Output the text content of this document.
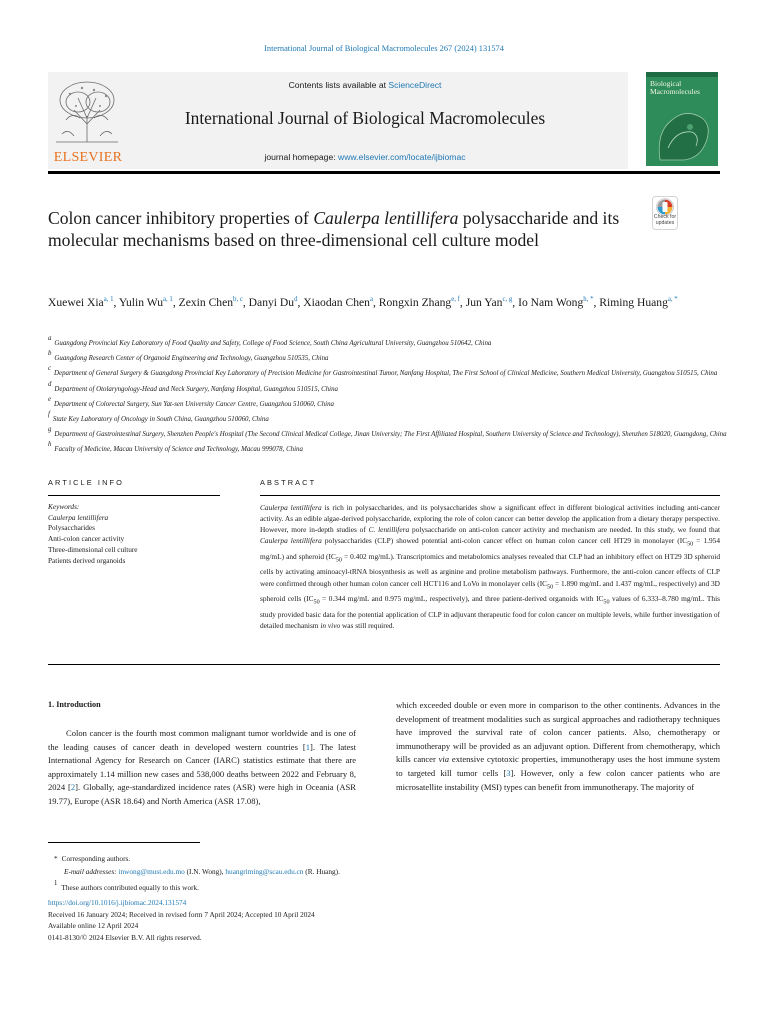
International Journal of Biological Macromolecules 267 (2024) 131574
ELSEVIER
Contents lists available at ScienceDirect
International Journal of Biological Macromolecules
journal homepage: www.elsevier.com/locate/ijbiomac
Biological
Macromolecules
Colon cancer inhibitory properties of Caulerpa lentillifera polysaccharide and its molecular mechanisms based on three-dimensional cell culture model
Check for updates
Xuewei Xia$^{a, 1}$, Yulin Wu$^{a, 1}$, Zexin Chen$^{b, c}$, Danyi Du$^d$, Xiaodan Chen$^a$, Rongxin Zhang$^{e, f}$, Jun Yan$^{c, g}$, Io Nam Wong$^{h, *}$, Riming Huang$^{a, *}$
$^a$Guangdong Provincial Key Laboratory of Food Quality and Safety, College of Food Science, South China Agricultural University, Guangzhou 510642, China
$^b$Guangdong Research Center of Organoid Engineering and Technology, Guangzhou 510535, China
$^c$Department of General Surgery & Guangdong Provincial Key Laboratory of Precision Medicine for Gastrointestinal Tumor, Nanfang Hospital, The First School of Clinical Medicine, Southern Medical University, Guangzhou 510515, China
$^d$Department of Otolaryngology-Head and Neck Surgery, Nanfang Hospital, Guangzhou 510515, China
$^e$Department of Colorectal Surgery, Sun Yat-sen University Cancer Centre, Guangzhou 510060, China
$^f$State Key Laboratory of Oncology in South China, Guangzhou 510060, China
$^g$Department of Gastrointestinal Surgery, Shenzhen People's Hospital (The Second Clinical Medical College, Jinan University; The First Affiliated Hospital, Southern University of Science and Technology), Shenzhen 518020, Guangdong, China
$^h$Faculty of Medicine, Macau University of Science and Technology, Macau 999078, China
ARTICLE INFO
Keywords:
Caulerpa lentillifera
Polysaccharides
Anti-colon cancer activity
Three-dimensional cell culture
Patients derived organoids
ABSTRACT
Caulerpa lentillifera is rich in polysaccharides, and its polysaccharides show a significant effect in different biological activities including anti-cancer activity. As an edible algae-derived polysaccharide, exploring the role of colon cancer can better develop the application from a dietary therapy perspective. However, more in-depth studies of C. lentillifera polysaccharide on anti-colon cancer activity and mechanism are needed. In this study, we found that Caulerpa lentillifera polysaccharides (CLP) showed potential anti-colon cancer effect on human colon cancer cell HT29 in monolayer ($IC_{50} = 1.954$ mg/mL) and spheroid ($IC_{50} = 0.402$ mg/mL). Transcriptomics and metabolomics analyses revealed that CLP had an inhibitory effect on HT29 3D spheroid cells by activating aminoacyl-tRNA biosynthesis as well as arginine and proline metabolism pathways. Furthermore, the anti-colon cancer effects of CLP were confirmed through other human colon cancer cell HCT116 and LoVo in monolayer cells ($IC_{50} = 1.890$ mg/mL and 1.437 mg/mL, respectively) and 3D spheroid cells ($IC_{50} = 0.344$ mg/mL and 0.975 mg/mL, respectively), and three patient-derived organoids with $IC_{50}$ values of 6.333–8.780 mg/mL. This study provided basic data for the potential application of CLP in adjuvant therapeutic food for colon cancer on multiple levels, while further investigation of detailed mechanism in vivo was still required.
1. Introduction
Colon cancer is the fourth most common malignant tumor worldwide and is one of the leading causes of cancer death in developed western countries [1]. The latest International Agency for Research on Cancer (IARC) statistics estimate that there are approximately 1.14 million new cases and 538,000 deaths between 2022 and February 8, 2024 [2]. Globally, age-standardized incidence rates (ASR) were high in Oceania (ASR 19.77), Europe (ASR 18.64) and North America (ASR 17.08),
which exceeded double or even more in comparison to the other continents. Advances in the development of treatment modalities such as surgical approaches and radiotherapy techniques have improved the survival rate of colon cancer patients. Also, chemotherapy or immunotherapy will be provided as an adjuvant option. Different from chemotherapy, which kills cancer via extensive cytotoxic properties, immunotherapy uses the host immune system to targeted kill tumor cells [3]. However, only a few colon cancer patients who are microsatellite instability (MSI) types can benefit from immunotherapy. The majority of
* Corresponding authors.
E-mail addresses: inwong@must.edu.mo (I.N. Wong), huangriming@scau.edu.cn (R. Huang).
$^1$ These authors contributed equally to this work.
https://doi.org/10.1016/j.ijbiomac.2024.131574
Received 16 January 2024; Received in revised form 7 April 2024; Accepted 10 April 2024
Available online 12 April 2024
0141-8130/© 2024 Elsevier B.V. All rights reserved.
